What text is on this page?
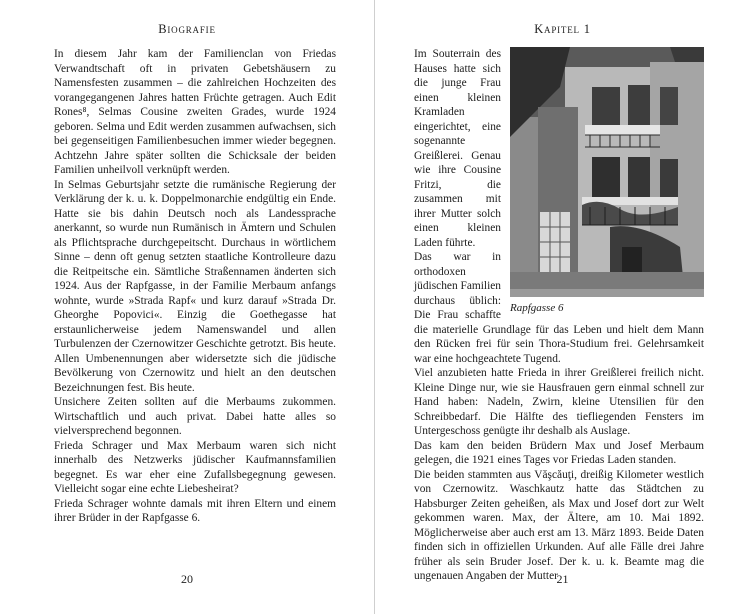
Biografie

In diesem Jahr kam der Familienclan von Friedas Verwandtschaft oft in privaten Gebetshäusern zu Namensfesten zusammen – die zahlreichen Hochzeiten des vorangegangenen Jahres hatten Früchte getragen. Auch Edit Rones⁸, Selmas Cousine zweiten Grades, wurde 1924 geboren. Selma und Edit werden zusammen aufwachsen, sich bei gegenseitigen Familienbesuchen immer wieder begegnen. Achtzehn Jahre später sollten die Schicksale der beiden Familien unheilvoll verknüpft werden.

In Selmas Geburtsjahr setzte die rumänische Regierung der Verklärung der k. u. k. Doppelmonarchie endgültig ein Ende. Hatte sie bis dahin Deutsch noch als Landessprache anerkannt, so wurde nun Rumänisch in Ämtern und Schulen als Pflichtsprache durchgepeitscht. Durchaus in wörtlichem Sinne – denn oft genug setzten staatliche Kontrolleure dazu die Reitpeitsche ein. Sämtliche Straßennamen änderten sich 1924. Aus der Rapfgasse, in der Familie Merbaum anfangs wohnte, wurde »Strada Rapf« und kurz darauf »Strada Dr. Gheorghe Popovici«. Einzig die Goethegasse hat erstaunlicherweise jedem Namenswandel und allen Turbulenzen der Czernowitzer Geschichte getrotzt. Bis heute. Allen Umbenennungen aber widersetzte sich die jüdische Bevölkerung von Czernowitz und hielt an den deutschen Bezeichnungen fest. Bis heute.

Unsichere Zeiten sollten auf die Merbaums zukommen. Wirtschaftlich und auch privat. Dabei hatte alles so vielversprechend begonnen.

Frieda Schrager und Max Merbaum waren sich nicht innerhalb des Netzwerks jüdischer Kaufmannsfamilien begegnet. Es war eher eine Zufallsbegegnung gewesen. Vielleicht sogar eine echte Liebesheirat?

Frieda Schrager wohnte damals mit ihren Eltern und einem ihrer Brüder in der Rapfgasse 6.

20
Kapitel 1
Rapfgasse 6

Im Souterrain des Hauses hatte sich die junge Frau einen kleinen Kramladen eingerichtet, eine sogenannte Greißlerei. Genau wie ihre Cousine Fritzi, die zusammen mit ihrer Mutter solch einen kleinen Laden führte.

Das war in orthodoxen jüdischen Familien durchaus üblich: Die Frau schaffte die materielle Grundlage für das Leben und hielt dem Mann den Rücken frei für sein Thora-Studium frei. Gelehrsamkeit war eine hochgeachtete Tugend.

Viel anzubieten hatte Frieda in ihrer Greißlerei freilich nicht. Kleine Dinge nur, wie sie Hausfrauen gern einmal schnell zur Hand haben: Nadeln, Zwirn, kleine Utensilien für den Schreibbedarf. Die Hälfte des tiefliegenden Fensters im Untergeschoss genügte ihr deshalb als Auslage.

Das kam den beiden Brüdern Max und Josef Merbaum gelegen, die 1921 eines Tages vor Friedas Laden standen.

Die beiden stammten aus Văşcăuţi, dreißig Kilometer westlich von Czernowitz. Waschkautz hatte das Städtchen zu Habsburger Zeiten geheißen, als Max und Josef dort zur Welt gekommen waren. Max, der Ältere, am 10. Mai 1892. Möglicherweise aber auch erst am 13. März 1893. Beide Daten finden sich in offiziellen Urkunden. Auf alle Fälle drei Jahre früher als sein Bruder Josef. Der k. u. k. Beamte mag die ungenauen Angaben der Mutter

21
